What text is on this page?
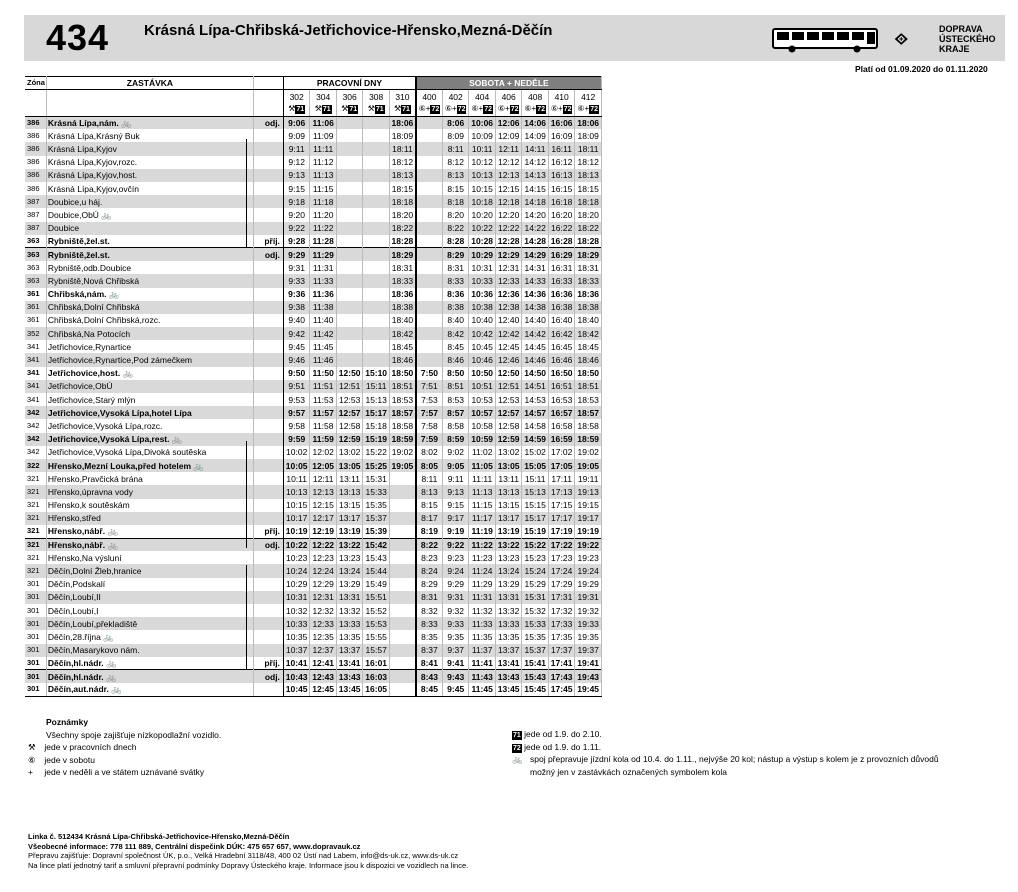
434 Krásná Lípa-Chřibská-Jetřichovice-Hřensko,Mezná-Děčín	DOPRAVA ÚSTECKÉHO KRAJE
Platí od 01.09.2020 do 01.11.2020
Zóna	ZASTÁVKA		PRACOVNÍ DNY					SOBOTA + NEDĚLE						
			302	304	306	308	310	400	402	404	406	408	410	412
			⚒71	⚒71	⚒71	⚒71	⚒71	⑥+72	⑥+72	⑥+72	⑥+72	⑥+72	⑥+72	⑥+72
386	Krásná Lípa,nám. 🚲	odj.	9:06	11:06			18:06		8:06	10:06	12:06	14:06	16:06	18:06
386	Krásná Lípa,Krásný Buk		9:09	11:09			18:09		8:09	10:09	12:09	14:09	16:09	18:09
386	Krásná Lípa,Kyjov		9:11	11:11			18:11		8:11	10:11	12:11	14:11	16:11	18:11
386	Krásná Lípa,Kyjov,rozc.		9:12	11:12			18:12		8:12	10:12	12:12	14:12	16:12	18:12
386	Krásná Lípa,Kyjov,host.		9:13	11:13			18:13		8:13	10:13	12:13	14:13	16:13	18:13
386	Krásná Lípa,Kyjov,ovčín		9:15	11:15			18:15		8:15	10:15	12:15	14:15	16:15	18:15
387	Doubice,u háj.		9:18	11:18			18:18		8:18	10:18	12:18	14:18	16:18	18:18
387	Doubice,ObÚ 🚲		9:20	11:20			18:20		8:20	10:20	12:20	14:20	16:20	18:20
387	Doubice		9:22	11:22			18:22		8:22	10:22	12:22	14:22	16:22	18:22
363	Rybniště,žel.st.	příj.	9:28	11:28			18:28		8:28	10:28	12:28	14:28	16:28	18:28
363	Rybniště,žel.st.	odj.	9:29	11:29			18:29		8:29	10:29	12:29	14:29	16:29	18:29
363	Rybniště,odb.Doubice		9:31	11:31			18:31		8:31	10:31	12:31	14:31	16:31	18:31
363	Rybniště,Nová Chřibská		9:33	11:33			18:33		8:33	10:33	12:33	14:33	16:33	18:33
361	Chřibská,nám. 🚲		9:36	11:36			18:36		8:36	10:36	12:36	14:36	16:36	18:36
361	Chřibská,Dolní Chřibská		9:38	11:38			18:38		8:38	10:38	12:38	14:38	16:38	18:38
361	Chřibská,Dolní Chřibská,rozc.		9:40	11:40			18:40		8:40	10:40	12:40	14:40	16:40	18:40
352	Chřibská,Na Potocích		9:42	11:42			18:42		8:42	10:42	12:42	14:42	16:42	18:42
341	Jetřichovice,Rynartice		9:45	11:45			18:45		8:45	10:45	12:45	14:45	16:45	18:45
341	Jetřichovice,Rynartice,Pod zámečkem		9:46	11:46			18:46		8:46	10:46	12:46	14:46	16:46	18:46
341	Jetřichovice,host. 🚲		9:50	11:50	12:50	15:10	18:50	7:50	8:50	10:50	12:50	14:50	16:50	18:50
341	Jetřichovice,ObÚ		9:51	11:51	12:51	15:11	18:51	7:51	8:51	10:51	12:51	14:51	16:51	18:51
341	Jetřichovice,Starý mlýn		9:53	11:53	12:53	15:13	18:53	7:53	8:53	10:53	12:53	14:53	16:53	18:53
342	Jetřichovice,Vysoká Lípa,hotel Lípa		9:57	11:57	12:57	15:17	18:57	7:57	8:57	10:57	12:57	14:57	16:57	18:57
342	Jetřichovice,Vysoká Lípa,rozc.		9:58	11:58	12:58	15:18	18:58	7:58	8:58	10:58	12:58	14:58	16:58	18:58
342	Jetřichovice,Vysoká Lípa,rest. 🚲		9:59	11:59	12:59	15:19	18:59	7:59	8:59	10:59	12:59	14:59	16:59	18:59
342	Jetřichovice,Vysoká Lípa,Divoká soutěska		10:02	12:02	13:02	15:22	19:02	8:02	9:02	11:02	13:02	15:02	17:02	19:02
322	Hřensko,Mezní Louka,před hotelem 🚲		10:05	12:05	13:05	15:25	19:05	8:05	9:05	11:05	13:05	15:05	17:05	19:05
321	Hřensko,Pravčická brána		10:11	12:11	13:11	15:31		8:11	9:11	11:11	13:11	15:11	17:11	19:11
321	Hřensko,úpravna vody		10:13	12:13	13:13	15:33		8:13	9:13	11:13	13:13	15:13	17:13	19:13
321	Hřensko,k soutěskám		10:15	12:15	13:15	15:35		8:15	9:15	11:15	13:15	15:15	17:15	19:15
321	Hřensko,střed		10:17	12:17	13:17	15:37		8:17	9:17	11:17	13:17	15:17	17:17	19:17
321	Hřensko,nábř. 🚲	příj.	10:19	12:19	13:19	15:39		8:19	9:19	11:19	13:19	15:19	17:19	19:19
321	Hřensko,nábř. 🚲	odj.	10:22	12:22	13:22	15:42		8:22	9:22	11:22	13:22	15:22	17:22	19:22
321	Hřensko,Na výsluní		10:23	12:23	13:23	15:43		8:23	9:23	11:23	13:23	15:23	17:23	19:23
321	Děčín,Dolní Žleb,hranice		10:24	12:24	13:24	15:44		8:24	9:24	11:24	13:24	15:24	17:24	19:24
301	Děčín,Podskalí		10:29	12:29	13:29	15:49		8:29	9:29	11:29	13:29	15:29	17:29	19:29
301	Děčín,Loubí,II		10:31	12:31	13:31	15:51		8:31	9:31	11:31	13:31	15:31	17:31	19:31
301	Děčín,Loubí,I		10:32	12:32	13:32	15:52		8:32	9:32	11:32	13:32	15:32	17:32	19:32
301	Děčín,Loubí,překladiště		10:33	12:33	13:33	15:53		8:33	9:33	11:33	13:33	15:33	17:33	19:33
301	Děčín,28.října 🚲		10:35	12:35	13:35	15:55		8:35	9:35	11:35	13:35	15:35	17:35	19:35
301	Děčín,Masarykovo nám.		10:37	12:37	13:37	15:57		8:37	9:37	11:37	13:37	15:37	17:37	19:37
301	Děčín,hl.nádr. 🚲	příj.	10:41	12:41	13:41	16:01		8:41	9:41	11:41	13:41	15:41	17:41	19:41
301	Děčín,hl.nádr. 🚲	odj.	10:43	12:43	13:43	16:03		8:43	9:43	11:43	13:43	15:43	17:43	19:43
301	Děčín,aut.nádr. 🚲		10:45	12:45	13:45	16:05		8:45	9:45	11:45	13:45	15:45	17:45	19:45
Poznámky
Všechny spoje zajišťuje nízkopodlažní vozidlo.
⚒ jede v pracovních dnech
⑥ jede v sobotu
+ jede v neděli a ve státem uznávané svátky
71 jede od 1.9. do 2.10.
72 jede od 1.9. do 1.11.
🚲 spoj přepravuje jízdní kola od 10.4. do 1.11., nejvýše 20 kol; nástup a výstup s kolem je z provozních důvodů možný jen v zastávkách označených symbolem kola
Linka č. 512434 Krásná Lípa-Chřibská-Jetřichovice-Hřensko,Mezná-Děčín
Všeobecné informace: 778 111 889, Centrální dispečink DÚK: 475 657 657, www.dopravauk.cz
Přepravu zajišťuje: Dopravní společnost ÚK, p.o., Velká Hradební 3118/48, 400 02 Ústí nad Labem, info@ds-uk.cz, www.ds-uk.cz
Na lince platí jednotný tarif a smluvní přepravní podmínky Dopravy Ústeckého kraje. Informace jsou k dispozici ve vozidlech na lince.
